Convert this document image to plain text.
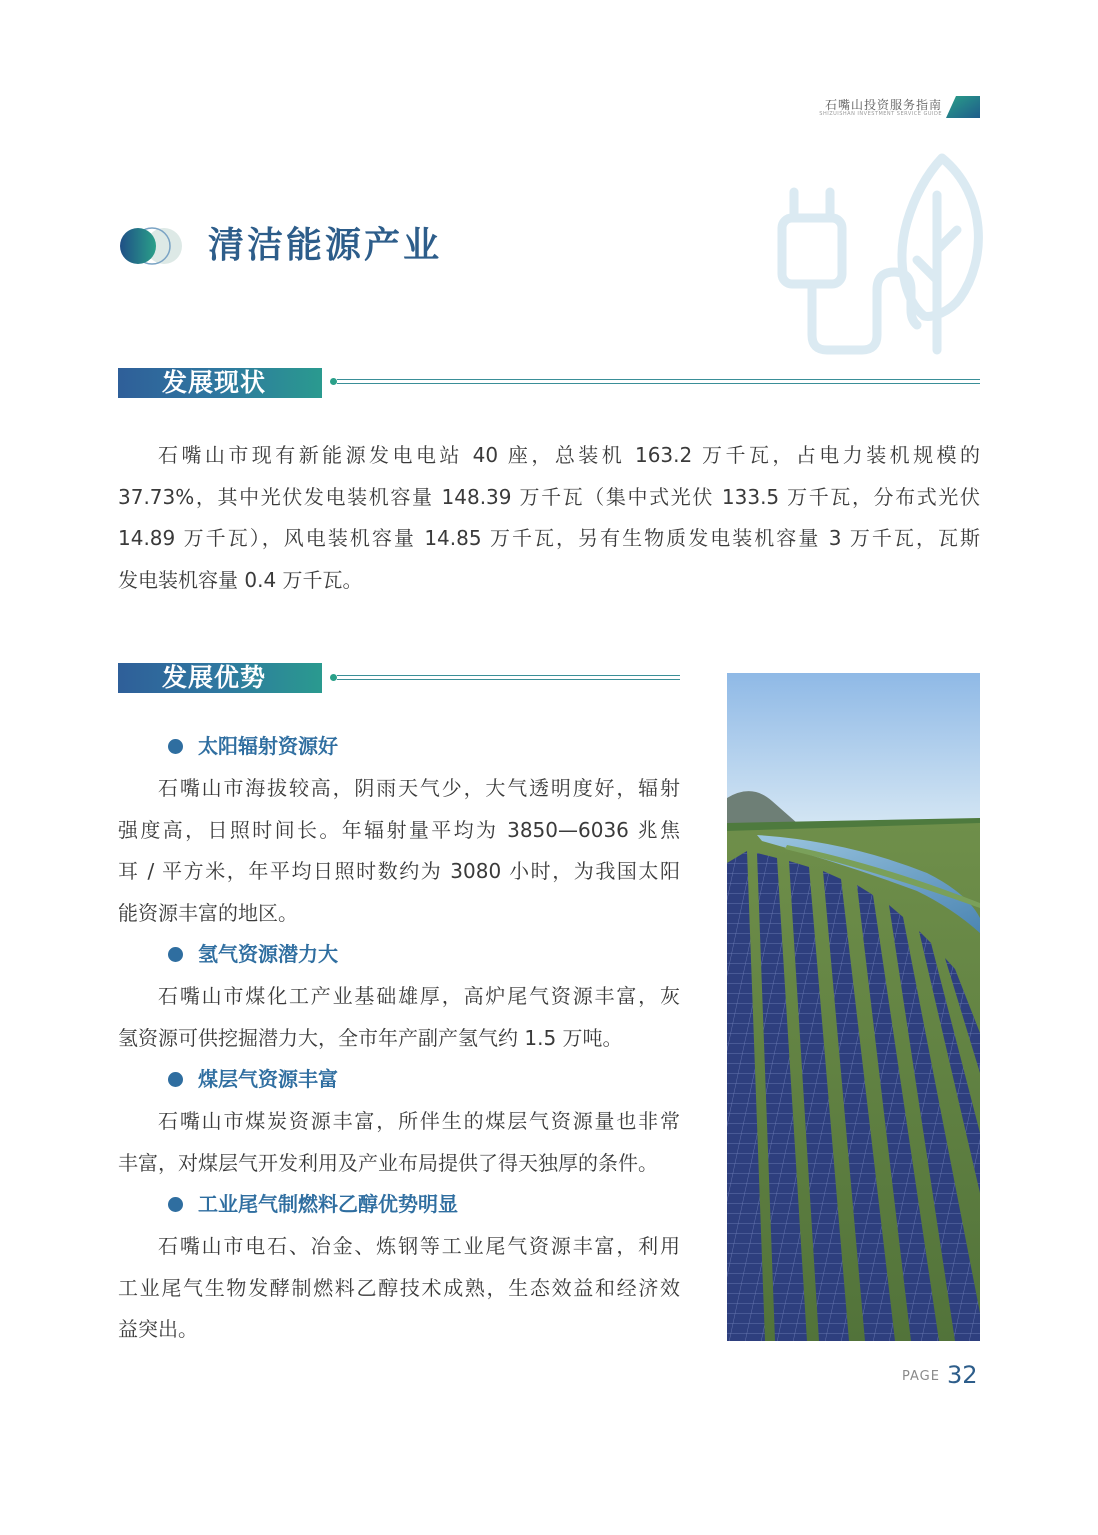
石嘴山投资服务指南
SHIZUISHAN INVESTMENT SERVICE GUIDE
清洁能源产业
发展现状
石嘴山市现有新能源发电电站 40 座，总装机 163.2 万千瓦，占电力装机规模的
37.73%，其中光伏发电装机容量 148.39 万千瓦（集中式光伏 133.5 万千瓦，分布式光伏
14.89 万千瓦），风电装机容量 14.85 万千瓦，另有生物质发电装机容量 3 万千瓦，瓦斯
发电装机容量 0.4 万千瓦。
发展优势
太阳辐射资源好
石嘴山市海拔较高，阴雨天气少，大气透明度好，辐射
强度高，日照时间长。年辐射量平均为 3850—6036 兆焦
耳 / 平方米，年平均日照时数约为 3080 小时，为我国太阳
能资源丰富的地区。
氢气资源潜力大
石嘴山市煤化工产业基础雄厚，高炉尾气资源丰富，灰
氢资源可供挖掘潜力大，全市年产副产氢气约 1.5 万吨。
煤层气资源丰富
石嘴山市煤炭资源丰富，所伴生的煤层气资源量也非常
丰富，对煤层气开发利用及产业布局提供了得天独厚的条件。
工业尾气制燃料乙醇优势明显
石嘴山市电石、冶金、炼钢等工业尾气资源丰富，利用
工业尾气生物发酵制燃料乙醇技术成熟，生态效益和经济效
益突出。
PAGE 32
